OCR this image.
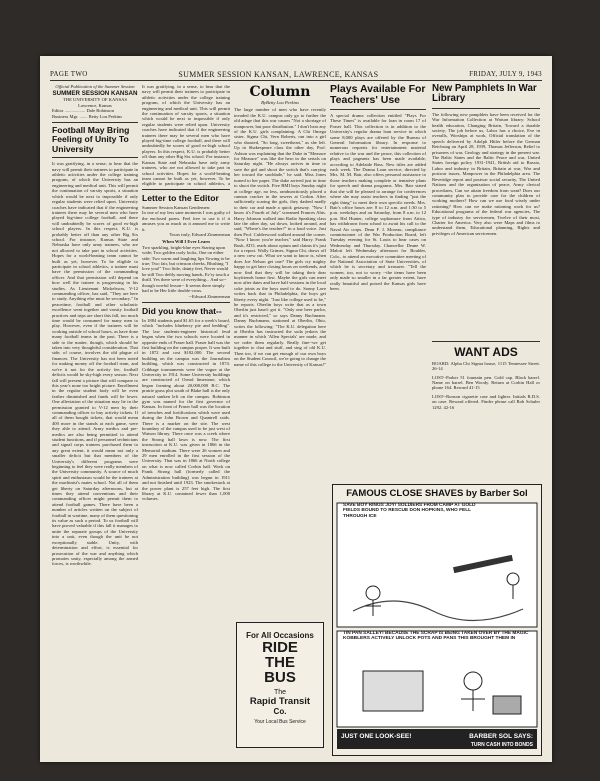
PAGE TWO	SUMMER SESSION KANSAN, LAWRENCE, KANSAS	FRIDAY, JULY 9, 1943
Official Publication of the Summer Session
SUMMER SESSION KANSAN
THE UNIVERSITY OF KANSAS
Lawrence, Kansas
Editor .................. Dale Robinson
Business Mgr. ....... Betty Lou Perkins
Football May Bring Feeling of Unity To University
It was gratifying, in a sense, to hear that the navy will permit their trainees to participate in athletic activities under the college training program, of which the University has an engineering and medical unit. This will permit the continuation of varsity sports, a situation which would be next to impossible if only regular students were relied upon. University coaches have indicated that if the engineering trainees there may be several men who have played big-time college football, and there will undoubtedly be scores of good ex-high school players. In this respect, K.U. is probably better off than any other Big Six school. For instance, Kansas State and Nebraska have only army trainees, who are not allowed to take part in school activities. Hopes for a world-beating team cannot be built as yet, however. To be eligible to participate in school athletics, a trainee must have the permission of the commanding officer. And that permission will depend on how well the trainee is progressing in his studies. As Lieutenant Mickelsson, V-12 commanding officer, has said, "They are here to study. Anything else must be secondary." In peacetime, football and other scholastic excellence went together and varsity football practices and trips are short this fall, too much time would be consumed for many men to play. However, even if the trainees will be working outside of school hours, as have done many football teams in the past. There is a side to the matter, though, which should be taken into very thoughtful consideration. That side, of course, involves the old plague of finances. The University has not been noted for making money off the football team, and we're it not for the activity fee, football deficits would be sky-high every season. Next fall will present a picture that will compare to this year's none too bright picture. Enrollment in the regular student body will be even farther diminished and funds will be lower. One alleviation of the situation may lie in the permission granted to V-12 men by their commanding officer to buy activity tickets. If all of them bought tickets, that would mean 400 more in the stands at each game, were they able to attend. Army medics and pre-medics are also being permitted to attend student functions, and if personnel technicians and signal corps trainees purchased them to any great extent, it would mean not only a smaller deficit but that members of the University's different programs were beginning to feel they were really members of the University community. A source of much spirit and enthusiasm would be the trainees at the machinist's mates school. Not all of them get liberty on Saturday afternoons, but at times they attend conventions and their commanding officer might permit them to attend football games. There have been a number of articles written on the subject of football in wartime, many of them questioning its value as such a period. To us football will have proved valuable if this fall it manages to unite the separate groups of the University into a unit, even though the unit be not exceptionally stable. Unity, with determination and effort, is essential for prosecution of the war and anything which promotes unity, especially among the armed forces, is worthwhile.
It was gratifying, in a sense, to hear that the navy will permit their trainees to participate in athletic activities under the college training program, of which the University has an engineering and medical unit. This will permit the continuation of varsity sports, a situation which would be next to impossible if only regular students were relied upon. University coaches have indicated that if the engineering trainees there may be several men who have played big-time college football, and there will undoubtedly be scores of good ex-high school players. In this respect, K.U. is probably better off than any other Big Six school. For instance, Kansas State and Nebraska have only army trainees, who are not allowed to take part in school activities. Hopes for a world-beating team cannot be built as yet, however. To be eligible to participate in school athletics, a
Letter to the Editor
Summer Session Kansan Gentlemen:
In one of my less sane moments I was guilty of the enclosed poem. Feel free to use it if it amuses you as much as it amused me to write it.
Yours truly, Edward Zimmerman
When Will I Ever Learn
Two sparkling, bright-blue eyes Staring upon wide; Two golden curly locks, One on either side; Two warm and laughing lips Vowing to be true; Two fair, but crimson cheeks, Blushing "I love you!" Two little, dainty feet, Never would be still Two deftly moving hands, Ev'ry touch a thrill. Yes there were of everything... And so--though woeful lesson-- It seems there simply had to be Her little double-cross.
--Edward Zimmerman
Did you know that--
In 1884 students paid $1.65 for a week's board, which "includes blueberry pie and bedding". The law students-engineer historical feud began when the two schools were located in opposite ends of Fraser hall. Fraser hall was the first building on the campus proper. It was built in 1872 and cost $182,000. The second building on the campus was the Journalism building, which was constructed in 1874. Cribbage tournaments were the vogue at the University in 1914. Some University buildings are constructed of Oread limestone, which began forming about 20,000,000 B.C. The prairie grass plot south of Blake hall is the only natural sunken left on the campus. Robinson gym was named for the first governor of Kansas. In front of Fraser hall was the location of trenches and fortifications which were used during the John Brown and Quantrell raids. There is a marker on the site. The west boundary of the campus used to be just west of Watson library. There once was a creek where the Strong hall lawn is now. The first instruction at K.U. was given in 1866 in the Memorial stadium. There were 26 women and 29 men enrolled in the first session of the University. That was in 1866 at North college on what is now called Corbin hall. Work on Frank Strong hall (formerly called the Administration building) was begun in 1911 and not finished until 1923. The smokestack at the power plant is 257 feet high. The first library at K.U. contained fewer than 1,000 volumes.
Column
ByBetty Lou Perkins
The large number of men who have recently invaded the K.U. campus only go to further the old adage that this war causes "Not a shortage of manpower, but poor distribution." I don't hear any of the K.U. girls complaining. A Chi Omega sister, Sigma Chi, Vern Roberts, ran into a girl who shouted, "So long, sweetheart," as she left. Up in Shakespeare class the other day, Prof. Ashton was explaining that the Duke in "Measure for Measure" was like the hero in the serials on Saturday night. "He always arrives in time to save the girl and shoot the switch that's carrying her toward the sawblade," he said. Miss Jones turned to her paper. The duke arrived just in time to shoot the switch. Five BMI boys Sunday night at college age, no less, rambunctiously placed a cannon cracker in the sewers at Corbin. After sufficiently scaring the girls, they dashed madly to their car and made a quick getaway. "Now I know it's Fourth of July" screamed Frances Ahts. Harry Johnson walked into Radio Speaking class late the other day, sat down, looked around, and said, "Where's the teacher?" in a loud voice. Just then Prof. Culderwood walked around the corner. "Now I know you're teacher," said Harry. Frank Rush, ATO, reads about opium and claims it's just for a report. Wally Grimes, Sigma Chi, draws off a new crew cut. What we want to know is, when does Joe Nelson get one? The girls cry mighty happy to get later closing hours on weekends, and now find that they will be taking their dear boyfriends home first. Maybe the girls can meet now after dates and have half sessions in the local coke joints as the boys used to do. Sonny Lave writes back that in Philadelphia, the boys get liberty every night. "Just like college used to be," he reports. Oberlin boys write that as a town Oberlin just hasn't got it. "Only one beer parlor, and it's restricted," so says Danny Buchmann. Danny Buchmann, stationed at Oberlin, Ohio, writes the following: "The K.U. delegation here at Oberlin has instructed the soda jerkers the manner in which 'Allen Specials' are made, and we order them regularly. Really fine--we get together to chat and stuff, and sing of old K.U. Then too, if we can get enough of our own boys on the Student Council, we're going to change the name of this college to the University of Kansas!"
For All Occasions
RIDE
THE
BUS
The
Rapid Transit
Co.
Your Local Bus Service
Plays Available For Teachers' Use
A special drama collection entitled "Plays For These Times" is available for loan in room 17 of Fraser hall. This collection is in addition to the University's regular drama loan service in which some 8,000 plays are offered by the Bureau of General Information library. In response to numerous requests for entertainment material relative to the war and the peace, this collection of plays and pageants has been made available, according to Adelaide Bass. New titles are added each week. The Drama Loan service, directed by Mrs. M. M. Bair, also offers personal assistance to those teachers making complete or tentative plans for speech and drama programs. Mrs. Bair stated that she will be pleased to arrange for conferences where she may assist teachers in finding "just the right thing" to meet their own specific needs. Mrs. Bair's office hours are: 8 to 12 a.m. and 1:30 to 5 p.m. weekdays and on Saturday, from 8 a.m. to 12 p.m. Hal Hunter, college sophomore from Attica, has withdrawn from school to await his call to the Naval Air corps. Dean F. J. Moreau, compliance commissioner of the War Production Board, left Tuesday evening for St. Louis to hear cases on Wednesday and Thursday. Chancellor Deane W. Malott left Wednesday afternoon for Boulder, Colo., to attend an executive committee meeting of the National Association of State Universities, of which he is secretary and treasurer. "Tell the women, too, not to worry --the items have been only made so smaller in a far greater extent, have really beautiful and poised the Kansas girls have been.
New Pamphlets In War Library
The following new pamphlets have been received for the War Information Collection at Watson library: School health education, Changing Britain, Toward a durable society, The job before us, Labor has a choice, Eve in overalls, Worships at work, Official translation of the speech delivered by Adolph Hitler before the German Reichstag on April 28, 1939, Thomas Jefferson, Relief to prisoners of war, Geology and strategy in the present war. The Baltic States and the Baltic Peace and war, United States foreign policy 1931-1941, British aid to Russia, Labor and industry in Britain, Britain at war, War and postwar issues, Manpower in the Philadelphia area. The Beveridge report and postwar social security, The United Nations and the organization of peace, Army clerical procedures, Can we attain freedom from want? Does our community plan to provide care for the children of working mothers? How can we use food wisely under rationing? How can we make rationing work for us? Educational programs of the federal war agencies, The type of industry for servicemen, Twelve of their most, Charter for America. Very also were Maps and films to understand them, Educational planning, Rights and privileges of American servicemen.
WANT ADS
BOARD: Alpha Chi Sigma house, 1115 Tennessee Street. 26-14
LOST--Parker 51 fountain pen. Gold cap. Black barrel. Name on barrel. Ben Woody. Return at Corbin Hall or phone 164. Reward 41-15
LOST--Ronson cigarette case and lighter. Initials R.D.S. on case. Reward offered. Finder please call Bob Schuler 1292. 42-16
FAMOUS CLOSE SHAVES by Barber Sol
SAVE BOY RINGS JOY! SOLDIERS FROM CAMP AT GOLD FIELDS BOUND TO RESCUE DON HOPKINS, WHO FELL THROUGH ICE
TIN PAN SALLEY! BECAUSE THE SCRAP IS BEING TAKEN OVER BY THE MAGIC KOBBLERS ACTIVELY UNLOCK POTS AND PANS THIS BROUGHT THEM IN
JUST ONE LOOK-SEE!	BARBER SOL SAYS:
TURN CASH INTO BONDS
